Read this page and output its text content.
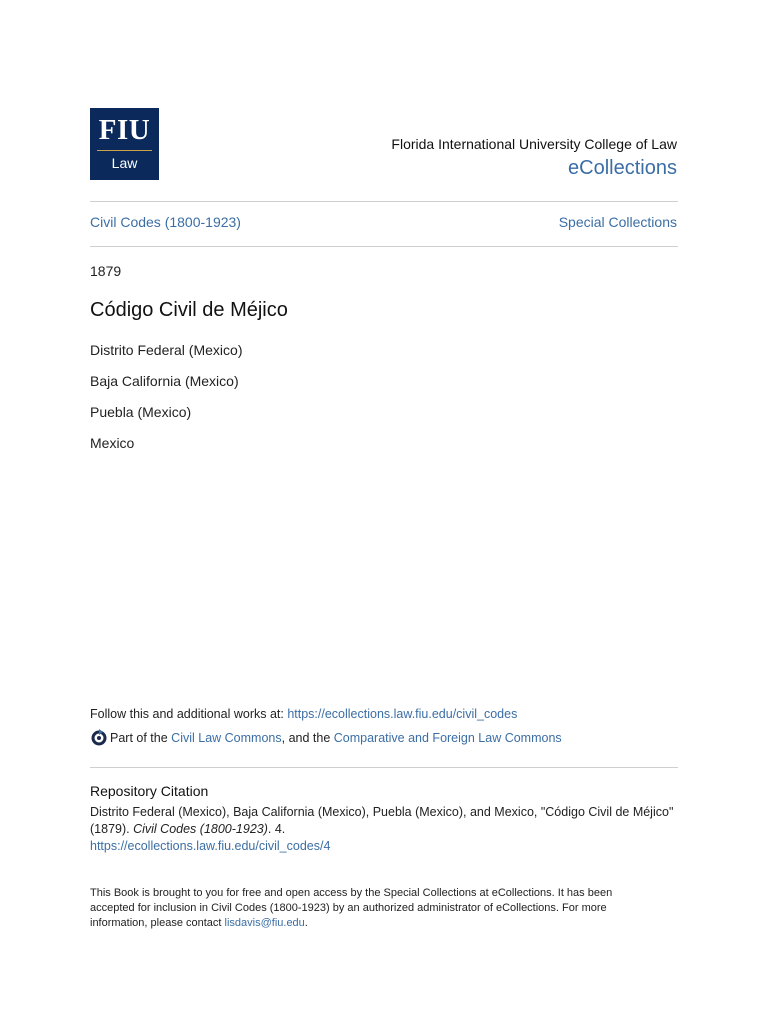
FIU
Law
Florida International University College of Law
eCollections
Civil Codes (1800-1923)	Special Collections
1879
Código Civil de Méjico
Distrito Federal (Mexico)
Baja California (Mexico)
Puebla (Mexico)
Mexico
Follow this and additional works at: https://ecollections.law.fiu.edu/civil_codes
Part of the
Civil Law Commons , and the
Comparative and Foreign Law Commons
Repository Citation
Distrito Federal (Mexico), Baja California (Mexico), Puebla (Mexico), and Mexico, "Código Civil de Méjico" (1879). Civil Codes (1800-1923). 4.
https://ecollections.law.fiu.edu/civil_codes/4
This Book is brought to you for free and open access by the Special Collections at eCollections. It has been accepted for inclusion in Civil Codes (1800-1923) by an authorized administrator of eCollections. For more information, please contact lisdavis@fiu.edu.
